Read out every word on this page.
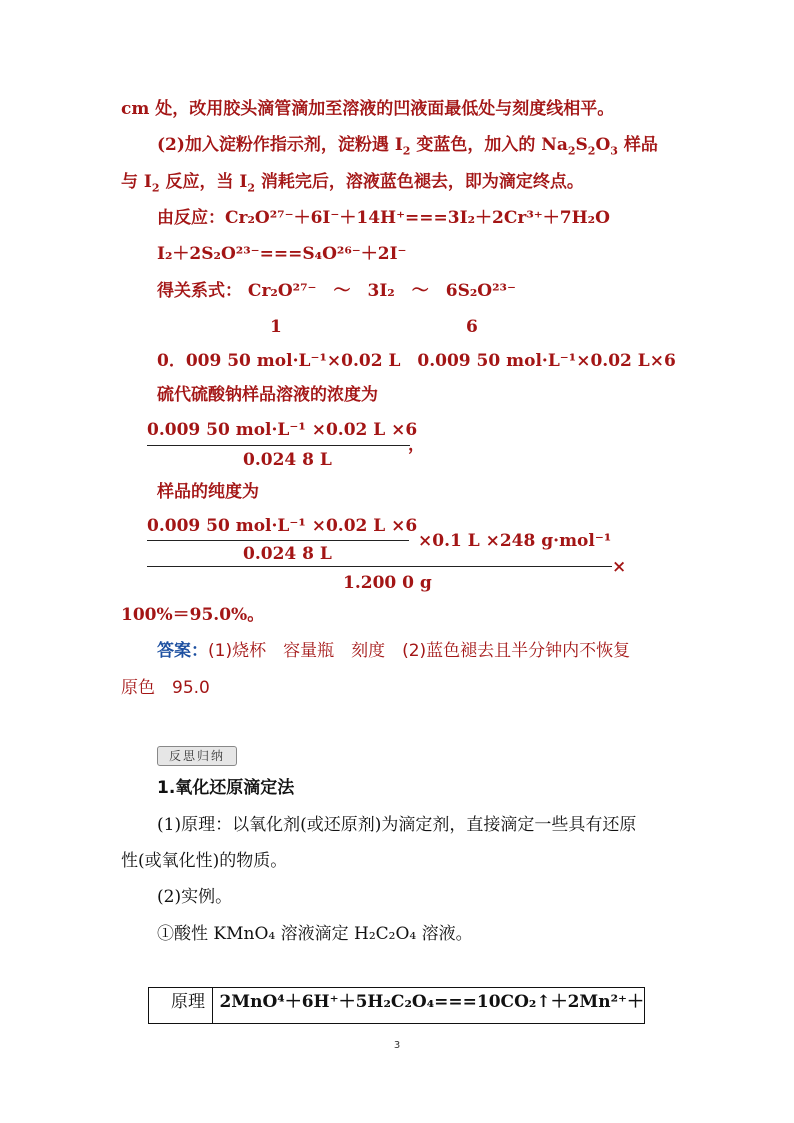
cm 处，改用胶头滴管滴加至溶液的凹液面最低处与刻度线相平。
(2)加入淀粉作指示剂，淀粉遇 $I_2$ 变蓝色，加入的 $Na_2S_2O_3$ 样品
与 $I_2$ 反应，当 $I_2$ 消耗完后，溶液蓝色褪去，即为滴定终点。
由反应：Cr₂O²⁷⁻＋6I⁻＋14H⁺===3I₂＋2Cr³⁺＋7H₂O
I₂＋2S₂O²³⁻===S₄O²⁶⁻＋2I⁻
得关系式： Cr₂O²⁷⁻　～　3I₂　～　6S₂O²³⁻
1	6
0．009 50 mol·L⁻¹×0.02 L　0.009 50 mol·L⁻¹×0.02 L×6
硫代硫酸钠样品溶液的浓度为
0.009 50 mol·L⁻¹ ×0.02 L ×6
，
0.024 8 L
样品的纯度为
0.009 50 mol·L⁻¹ ×0.02 L ×6
0.024 8 L
×0.1 L ×248 g·mol⁻¹
×
1.200 0 g
100%＝95.0%。
答案：(1)烧杯　容量瓶　刻度　(2)蓝色褪去且半分钟内不恢复
原色　95.0
反思归纳
1.氧化还原滴定法
(1)原理：以氧化剂(或还原剂)为滴定剂，直接滴定一些具有还原
性(或氧化性)的物质。
(2)实例。
①酸性 KMnO₄ 溶液滴定 H₂C₂O₄ 溶液。
原理 2MnO⁴＋6H⁺＋5H₂C₂O₄===10CO₂↑＋2Mn²⁺＋
3
